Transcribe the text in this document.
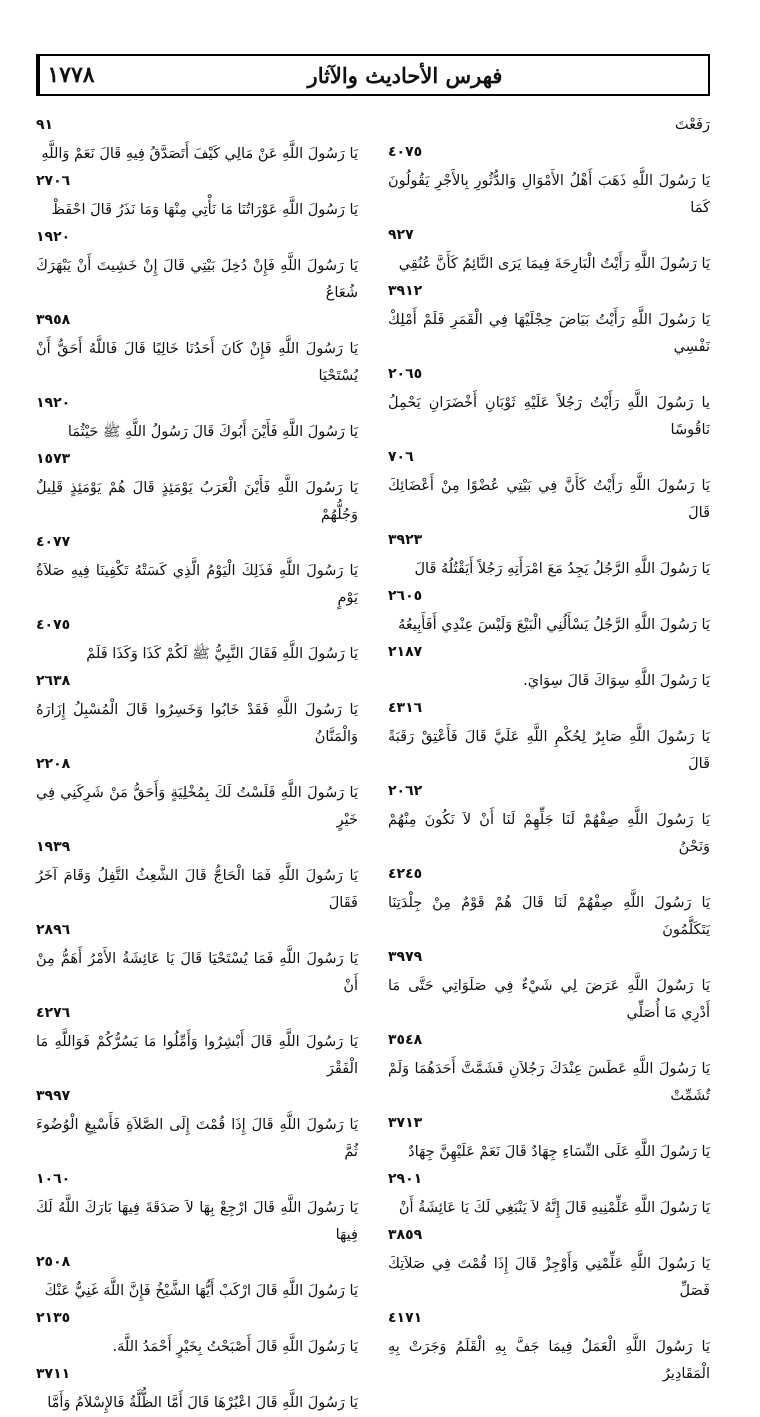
١٧٧٨	فهرس الأحاديث والآثار
رَفَعْتَ
٤٠٧٥
يَا رَسُولَ اللَّهِ ذَهَبَ أَهْلُ الأَمْوَالِ وَالدُّثُورِ بِالأَجْرِ يَقُولُونَ كَمَا
٩٢٧
يَا رَسُولَ اللَّهِ رَأَيْتُ الْبَارِحَةَ فِيمَا يَرَى النَّائِمُ كَأَنَّ عُنُقِي
٣٩١٢
يَا رَسُولَ اللَّهِ رَأَيْتُ بَيَاضَ حِجْلَيْهَا فِي الْقَمَرِ فَلَمْ أَمْلِكْ نَفْسِي
٢٠٦٥
يا رَسُولَ اللَّهِ رَأَيْتُ رَجُلاً عَلَيْهِ ثَوْبَانِ أَخْضَرَانِ يَحْمِلُ نَاقُوسًا
٧٠٦
يَا رَسُولَ اللَّهِ رَأَيْتُ كَأَنَّ فِي بَيْتِي عُضْوًا مِنْ أَعْضَائِكَ قَالَ
٣٩٢٣
يَا رَسُولَ اللَّهِ الرَّجُلُ يَجِدُ مَعَ امْرَأَتِهِ رَجُلاً أَيَقْتُلُهُ قَالَ
٢٦٠٥
يَا رَسُولَ اللَّهِ الرَّجُلُ يَسْأَلُنِي الْبَيْعَ وَلَيْسَ عِنْدِي أَفَأَبِيعُهُ
٢١٨٧
يَا رَسُولَ اللَّهِ سِوَاكَ قَالَ سِوَايَ.
٤٣١٦
يَا رَسُولَ اللَّهِ صَابِرٌ لِحُكْمِ اللَّهِ عَلَيَّ قَالَ فَأَعْتِقْ رَقَبَةً قَالَ
٢٠٦٢
يَا رَسُولَ اللَّهِ صِفْهُمْ لَنَا جَلِّهِمْ لَنَا أَنْ لاَ نَكُونَ مِنْهُمْ وَنَحْنُ
٤٢٤٥
يَا رَسُولَ اللَّهِ صِفْهُمْ لَنَا قَالَ هُمْ قَوْمٌ مِنْ جِلْدَتِنَا يَتَكَلَّمُونَ
٣٩٧٩
يَا رَسُولَ اللَّهِ عَرَضَ لِي شَيْءٌ فِي صَلَوَاتِي حَتَّى مَا أَدْرِي مَا أُصَلِّي
٣٥٤٨
يَا رَسُولَ اللَّهِ عَطَسَ عِنْدَكَ رَجُلاَنِ فَشَمَّتَّ أَحَدَهُمَا وَلَمْ تُشَمِّتْ
٣٧١٣
يَا رَسُولَ اللَّهِ عَلَى النِّسَاءِ جِهَادٌ قَالَ نَعَمْ عَلَيْهِنَّ جِهَادٌ
٢٩٠١
يَا رَسُولَ اللَّهِ عَلِّمْنِيهِ قَالَ إِنَّهُ لاَ يَنْبَغِي لَكَ يَا عَائِشَةُ أَنْ
٣٨٥٩
يَا رَسُولَ اللَّهِ عَلِّمْنِي وَأَوْجِزْ قَالَ إِذَا قُمْتَ فِي صَلاَتِكَ فَصَلِّ
٤١٧١
يَا رَسُولَ اللَّهِ الْعَمَلُ فِيمَا جَفَّ بِهِ الْقَلَمُ وَجَرَتْ بِهِ الْمَقَادِيرُ
٩١
يَا رَسُولَ اللَّهِ عَنْ مَالِي كَيْفَ أَتَصَدَّقُ فِيهِ قَالَ نَعَمْ وَاللَّهِ
٢٧٠٦
يَا رَسُولَ اللَّهِ عَوْرَاتُنَا مَا نَأْتِي مِنْهَا وَمَا نَذَرُ قَالَ احْفَظْ
١٩٢٠
يَا رَسُولَ اللَّهِ فَإِنْ دُخِلَ بَيْتِي قَالَ إِنْ خَشِيتَ أَنْ يَبْهَرَكَ شُعَاعُ
٣٩٥٨
يَا رَسُولَ اللَّهِ فَإِنْ كَانَ أَحَدُنَا خَالِيًا قَالَ فَاللَّهُ أَحَقُّ أَنْ يُسْتَحْيَا
١٩٢٠
يَا رَسُولَ اللَّهِ فَأَيْنَ أَبُوكَ قَالَ رَسُولُ اللَّهِ ﷺ حَيْثُمَا
١٥٧٣
يَا رَسُولَ اللَّهِ فَأَيْنَ الْعَرَبُ يَوْمَئِذٍ قَالَ هُمْ يَوْمَئِذٍ قَلِيلٌ وَجُلُّهُمْ
٤٠٧٧
يَا رَسُولَ اللَّهِ فَذَلِكَ الْيَوْمُ الَّذِي كَسَتْهُ تَكْفِينَا فِيهِ صَلاَةُ يَوْمٍ
٤٠٧٥
يَا رَسُولَ اللَّهِ فَقَالَ النَّبِيُّ ﷺ لَكُمْ كَذَا وَكَذَا فَلَمْ
٢٦٣٨
يَا رَسُولَ اللَّهِ فَقَدْ خَابُوا وَخَسِرُوا قَالَ الْمُسْبِلُ إِزَارَهُ وَالْمَنَّانُ
٢٢٠٨
يَا رَسُولَ اللَّهِ فَلَسْتُ لَكَ بِمُخْلِيَةٍ وَأَحَقُّ مَنْ شَرِكَنِي فِي خَيْرٍ
١٩٣٩
يَا رَسُولَ اللَّهِ فَمَا الْحَاجُّ قَالَ الشَّعِثُ التَّفِلُ وَقَامَ آخَرُ فَقَالَ
٢٨٩٦
يَا رَسُولَ اللَّهِ فَمَا يُسْتَحْيَا قَالَ يَا عَائِشَةُ الأَمْرُ أَهَمُّ مِنْ أَنْ
٤٢٧٦
يَا رَسُولَ اللَّهِ قَالَ أَبْشِرُوا وَأَمِّلُوا مَا يَسُرُّكُمْ فَوَاللَّهِ مَا الْفَقْرَ
٣٩٩٧
يَا رَسُولَ اللَّهِ قَالَ إِذَا قُمْتَ إِلَى الصَّلاَةِ فَأَسْبِغِ الْوُضُوءَ ثُمَّ
١٠٦٠
يَا رَسُولَ اللَّهِ قَالَ ارْجِعْ بِهَا لاَ صَدَقَةَ فِيهَا بَارَكَ اللَّهُ لَكَ فِيهَا
٢٥٠٨
يَا رَسُولَ اللَّهِ قَالَ ارْكَبْ أَيُّهَا الشَّيْخُ فَإِنَّ اللَّهَ غَنِيٌّ عَنْكَ
٢١٣٥
يَا رَسُولَ اللَّهِ قَالَ أَصْبَحْتُ بِخَيْرٍ أَحْمَدُ اللَّهَ.
٣٧١١
يَا رَسُولَ اللَّهِ قَالَ اعْبُرْهَا قَالَ أَمَّا الظُّلَّةُ فَالإِسْلاَمُ وَأَمَّا
